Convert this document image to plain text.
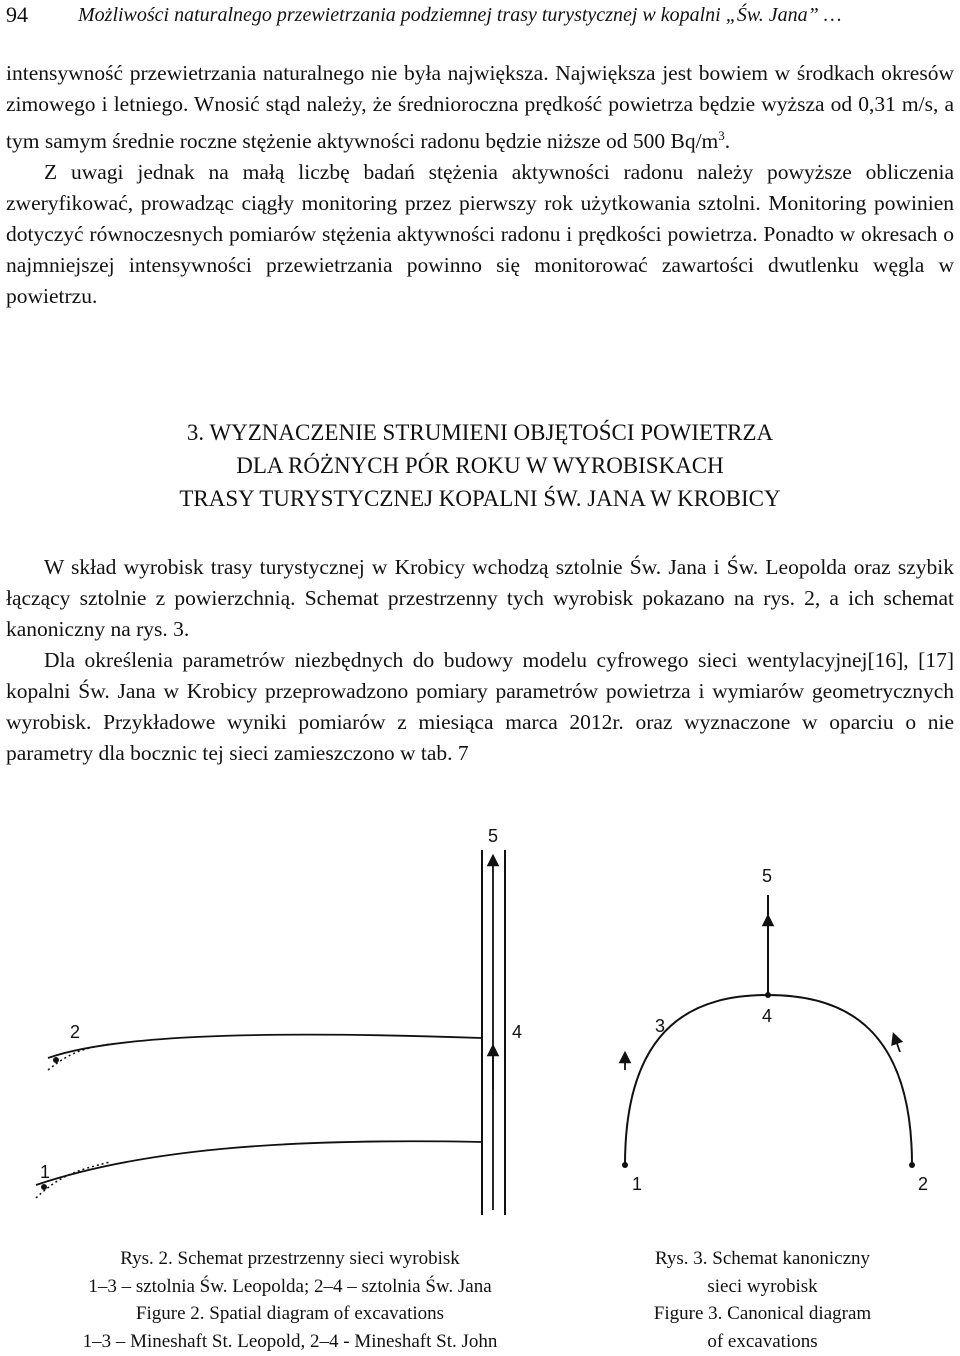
94	Możliwości naturalnego przewietrzania podziemnej trasy turystycznej w kopalni „Św. Jana” …

intensywność przewietrzania naturalnego nie była największa. Największa jest bowiem w środkach okresów zimowego i letniego. Wnosić stąd należy, że średnioroczna prędkość powietrza będzie wyższa od 0,31 m/s, a tym samym średnie roczne stężenie aktywności radonu będzie niższe od 500 $Bq/m^3$.

Z uwagi jednak na małą liczbę badań stężenia aktywności radonu należy powyższe obliczenia zweryfikować, prowadząc ciągły monitoring przez pierwszy rok użytkowania sztolni. Monitoring powinien dotyczyć równoczesnych pomiarów stężenia aktywności radonu i prędkości powietrza. Ponadto w okresach o najmniejszej intensywności przewietrzania powinno się monitorować zawartości dwutlenku węgla w powietrzu.

3. WYZNACZENIE STRUMIENI OBJĘTOŚCI POWIETRZA
DLA RÓŻNYCH PÓR ROKU W WYROBISKACH
TRASY TURYSTYCZNEJ KOPALNI ŚW. JANA W KROBICY

W skład wyrobisk trasy turystycznej w Krobicy wchodzą sztolnie Św. Jana i Św. Leopolda oraz szybik łączący sztolnie z powierzchnią. Schemat przestrzenny tych wyrobisk pokazano na rys. 2, a ich schemat kanoniczny na rys. 3.

Dla określenia parametrów niezbędnych do budowy modelu cyfrowego sieci wentylacyjnej[16], [17] kopalni Św. Jana w Krobicy przeprowadzono pomiary parametrów powietrza i wymiarów geometrycznych wyrobisk. Przykładowe wyniki pomiarów z miesiąca marca 2012r. oraz wyznaczone w oparciu o nie parametry dla bocznic tej sieci zamieszczono w tab. 7

1
2	4
5
1	2
3	4
5
Rys. 2. Schemat przestrzenny sieci wyrobisk
1–3 – sztolnia Św. Leopolda; 2–4 – sztolnia Św. Jana
Figure 2. Spatial diagram of excavations
1–3 – Mineshaft St. Leopold, 2–4 - Mineshaft St. John
Rys. 3. Schemat kanoniczny
sieci wyrobisk
Figure 3. Canonical diagram
of excavations
